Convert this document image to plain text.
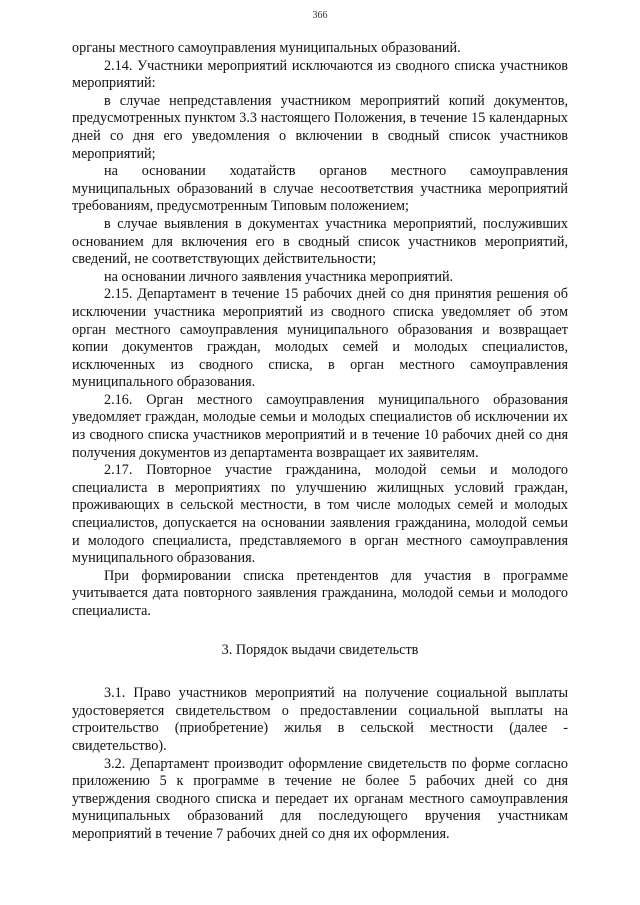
366

органы местного самоуправления муниципальных образований.

2.14. Участники мероприятий исключаются из сводного списка участников мероприятий:

в случае непредставления участником мероприятий копий документов, предусмотренных пунктом 3.3 настоящего Положения, в течение 15 календарных дней со дня его уведомления о включении в сводный список участников мероприятий;

на основании ходатайств органов местного самоуправления муниципальных образований в случае несоответствия участника мероприятий требованиям, предусмотренным Типовым положением;

в случае выявления в документах участника мероприятий, послуживших основанием для включения его в сводный список участников мероприятий, сведений, не соответствующих действительности;

на основании личного заявления участника мероприятий.

2.15. Департамент в течение 15 рабочих дней со дня принятия решения об исключении участника мероприятий из сводного списка уведомляет об этом орган местного самоуправления муниципального образования и возвращает копии документов граждан, молодых семей и молодых специалистов, исключенных из сводного списка, в орган местного самоуправления муниципального образования.

2.16. Орган местного самоуправления муниципального образования уведомляет граждан, молодые семьи и молодых специалистов об исключении их из сводного списка участников мероприятий и в течение 10 рабочих дней со дня получения документов из департамента возвращает их заявителям.

2.17. Повторное участие гражданина, молодой семьи и молодого специалиста в мероприятиях по улучшению жилищных условий граждан, проживающих в сельской местности, в том числе молодых семей и молодых специалистов, допускается на основании заявления гражданина, молодой семьи и молодого специалиста, представляемого в орган местного самоуправления муниципального образования.

При формировании списка претендентов для участия в программе учитывается дата повторного заявления гражданина, молодой семьи и молодого специалиста.

3. Порядок выдачи свидетельств

3.1. Право участников мероприятий на получение социальной выплаты удостоверяется свидетельством о предоставлении социальной выплаты на строительство (приобретение) жилья в сельской местности (далее - свидетельство).

3.2. Департамент производит оформление свидетельств по форме согласно приложению 5 к программе в течение не более 5 рабочих дней со дня утверждения сводного списка и передает их органам местного самоуправления муниципальных образований для последующего вручения участникам мероприятий в течение 7 рабочих дней со дня их оформления.
